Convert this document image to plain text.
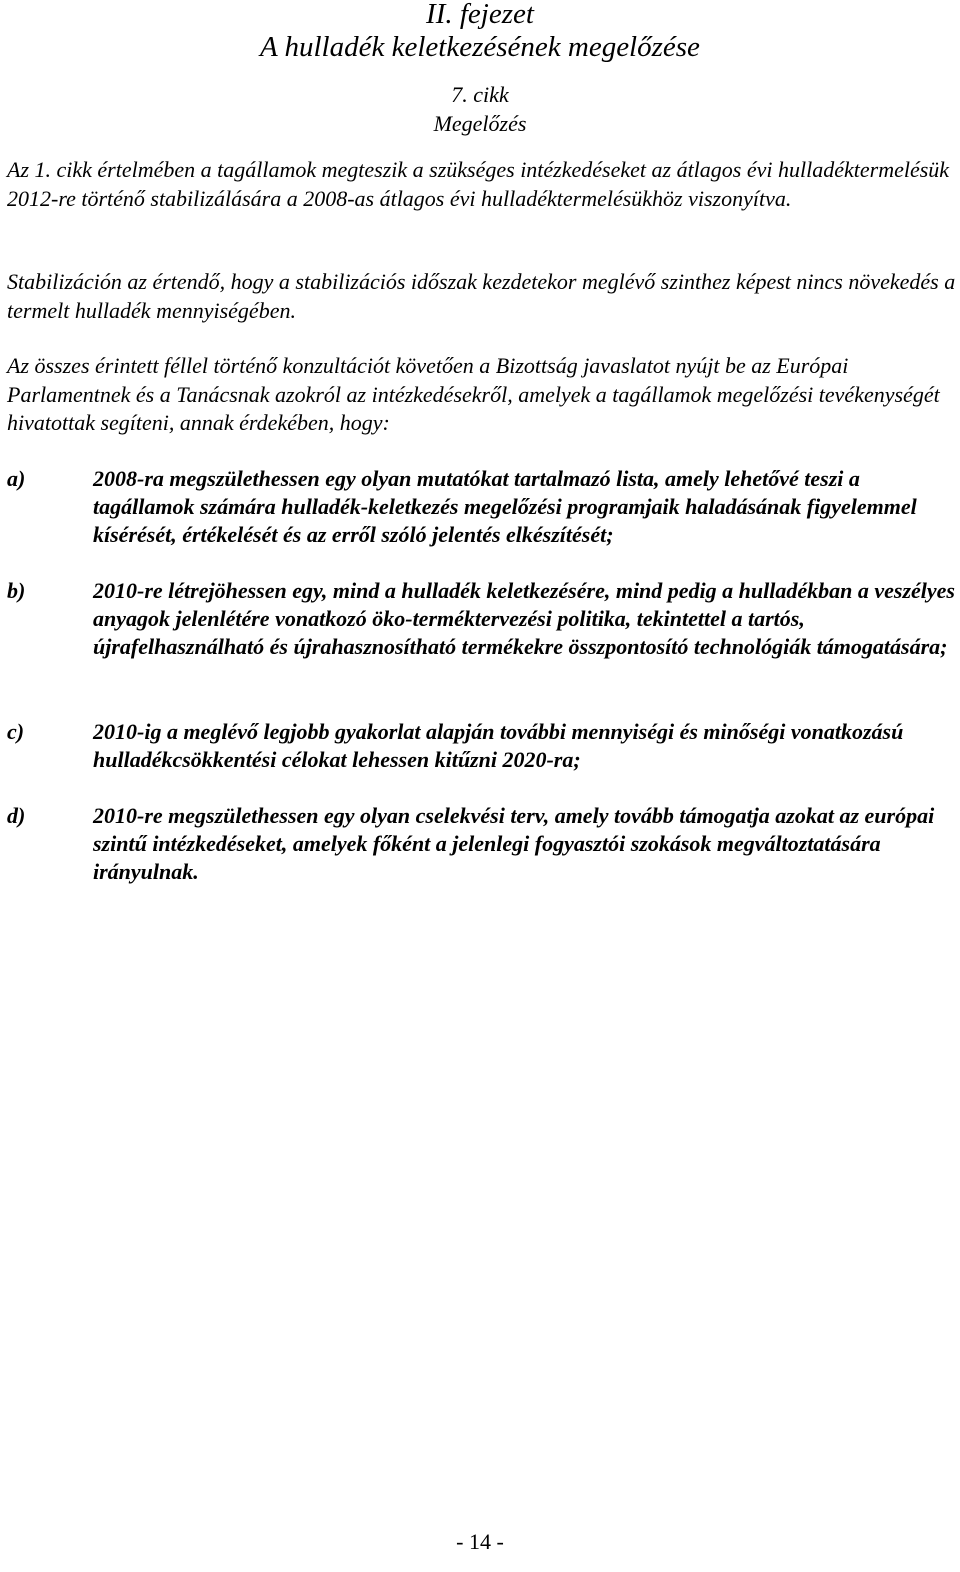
II. fejezet

A hulladék keletkezésének megelőzése

7. cikk

Megelőzés

Az 1. cikk értelmében a tagállamok megteszik a szükséges intézkedéseket az átlagos évi hulladéktermelésük 2012-re történő stabilizálására a 2008-as átlagos évi hulladéktermelésükhöz viszonyítva.

Stabilizáción az értendő, hogy a stabilizációs időszak kezdetekor meglévő szinthez képest nincs növekedés a termelt hulladék mennyiségében.

Az összes érintett féllel történő konzultációt követően a Bizottság javaslatot nyújt be az Európai Parlamentnek és a Tanácsnak azokról az intézkedésekről, amelyek a tagállamok megelőzési tevékenységét hivatottak segíteni, annak érdekében, hogy:

a)	2008-ra megszülethessen egy olyan mutatókat tartalmazó lista, amely lehetővé teszi a tagállamok számára hulladék-keletkezés megelőzési programjaik haladásának figyelemmel kísérését, értékelését és az erről szóló jelentés elkészítését;
b)	2010-re létrejöhessen egy, mind a hulladék keletkezésére, mind pedig a hulladékban a veszélyes anyagok jelenlétére vonatkozó öko-terméktervezési politika, tekintettel a tartós, újrafelhasználható és újrahasznosítható termékekre összpontosító technológiák támogatására;
c)	2010-ig a meglévő legjobb gyakorlat alapján további mennyiségi és minőségi vonatkozású hulladékcsökkentési célokat lehessen kitűzni 2020-ra;
d)	2010-re megszülethessen egy olyan cselekvési terv, amely tovább támogatja azokat az európai szintű intézkedéseket, amelyek főként a jelenlegi fogyasztói szokások megváltoztatására irányulnak.
- 14 -
